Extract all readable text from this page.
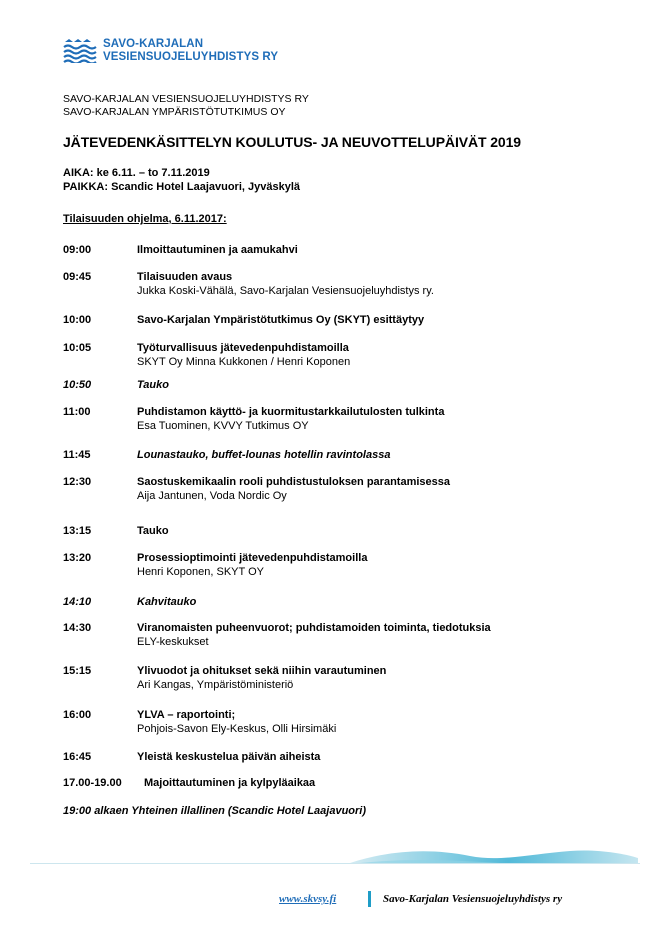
SAVO-KARJALAN
VESIENSUOJELUYHDISTYS RY
SAVO-KARJALAN VESIENSUOJELUYHDISTYS RY
SAVO-KARJALAN YMPÄRISTÖTUTKIMUS OY
JÄTEVEDENKÄSITTELYN KOULUTUS- JA NEUVOTTELUPÄIVÄT 2019
AIKA: ke 6.11. – to 7.11.2019
PAIKKA: Scandic Hotel Laajavuori, Jyväskylä
Tilaisuuden ohjelma, 6.11.2017:
09:00	Ilmoittautuminen ja aamukahvi
09:45	Tilaisuuden avaus
Jukka Koski-Vähälä, Savo-Karjalan Vesiensuojeluyhdistys ry.
10:00	Savo-Karjalan Ympäristötutkimus Oy (SKYT) esittäytyy
10:05	Työturvallisuus jätevedenpuhdistamoilla
SKYT Oy Minna Kukkonen / Henri Koponen
10:50	Tauko
11:00	Puhdistamon käyttö- ja kuormitustarkkailutulosten tulkinta
Esa Tuominen, KVVY Tutkimus OY
11:45	Lounastauko, buffet-lounas hotellin ravintolassa
12:30	Saostuskemikaalin rooli puhdistustuloksen parantamisessa
Aija Jantunen, Voda Nordic Oy
13:15	Tauko
13:20	Prosessioptimointi jätevedenpuhdistamoilla
Henri Koponen, SKYT OY
14:10	Kahvitauko
14:30	Viranomaisten puheenvuorot; puhdistamoiden toiminta, tiedotuksia
ELY-keskukset
15:15	Ylivuodot ja ohitukset sekä niihin varautuminen
Ari Kangas, Ympäristöministeriö
16:00	YLVA – raportointi;
Pohjois-Savon Ely-Keskus, Olli Hirsimäki
16:45	Yleistä keskustelua päivän aiheista
17.00-19.00 Majoittautuminen ja kylpyläaikaa
19:00 alkaen Yhteinen illallinen (Scandic Hotel Laajavuori)
www.skvsy.fi	Savo-Karjalan Vesiensuojeluyhdistys ry
